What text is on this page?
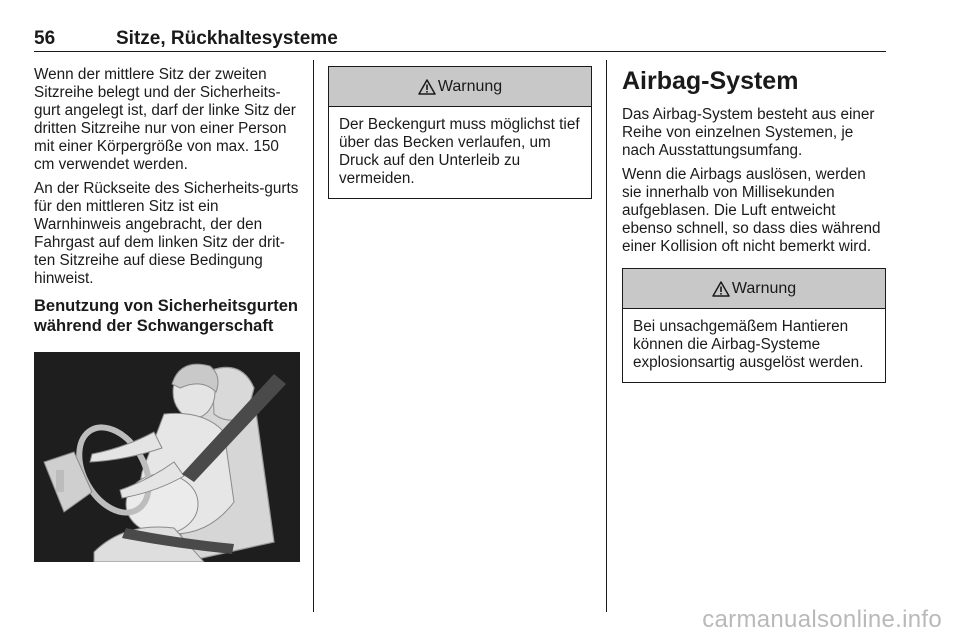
56	Sitze, Rückhaltesysteme

Wenn der mittlere Sitz der zweiten Sitzreihe belegt und der Sicherheits-gurt angelegt ist, darf der linke Sitz der dritten Sitzreihe nur von einer Person mit einer Körpergröße von max. 150 cm verwendet werden.

An der Rückseite des Sicherheits-gurts für den mittleren Sitz ist ein Warnhinweis angebracht, der den Fahrgast auf dem linken Sitz der drit-ten Sitzreihe auf diese Bedingung hinweist.

Benutzung von Sicherheitsgurten während der Schwangerschaft
Warnung
Der Beckengurt muss möglichst tief über das Becken verlaufen, um Druck auf den Unterleib zu vermeiden.
Airbag-System

Das Airbag-System besteht aus einer Reihe von einzelnen Systemen, je nach Ausstattungsumfang.

Wenn die Airbags auslösen, werden sie innerhalb von Millisekunden aufgeblasen. Die Luft entweicht ebenso schnell, so dass dies während einer Kollision oft nicht bemerkt wird.

Warnung
Bei unsachgemäßem Hantieren können die Airbag-Systeme explosionsartig ausgelöst werden.
carmanualsonline.info
